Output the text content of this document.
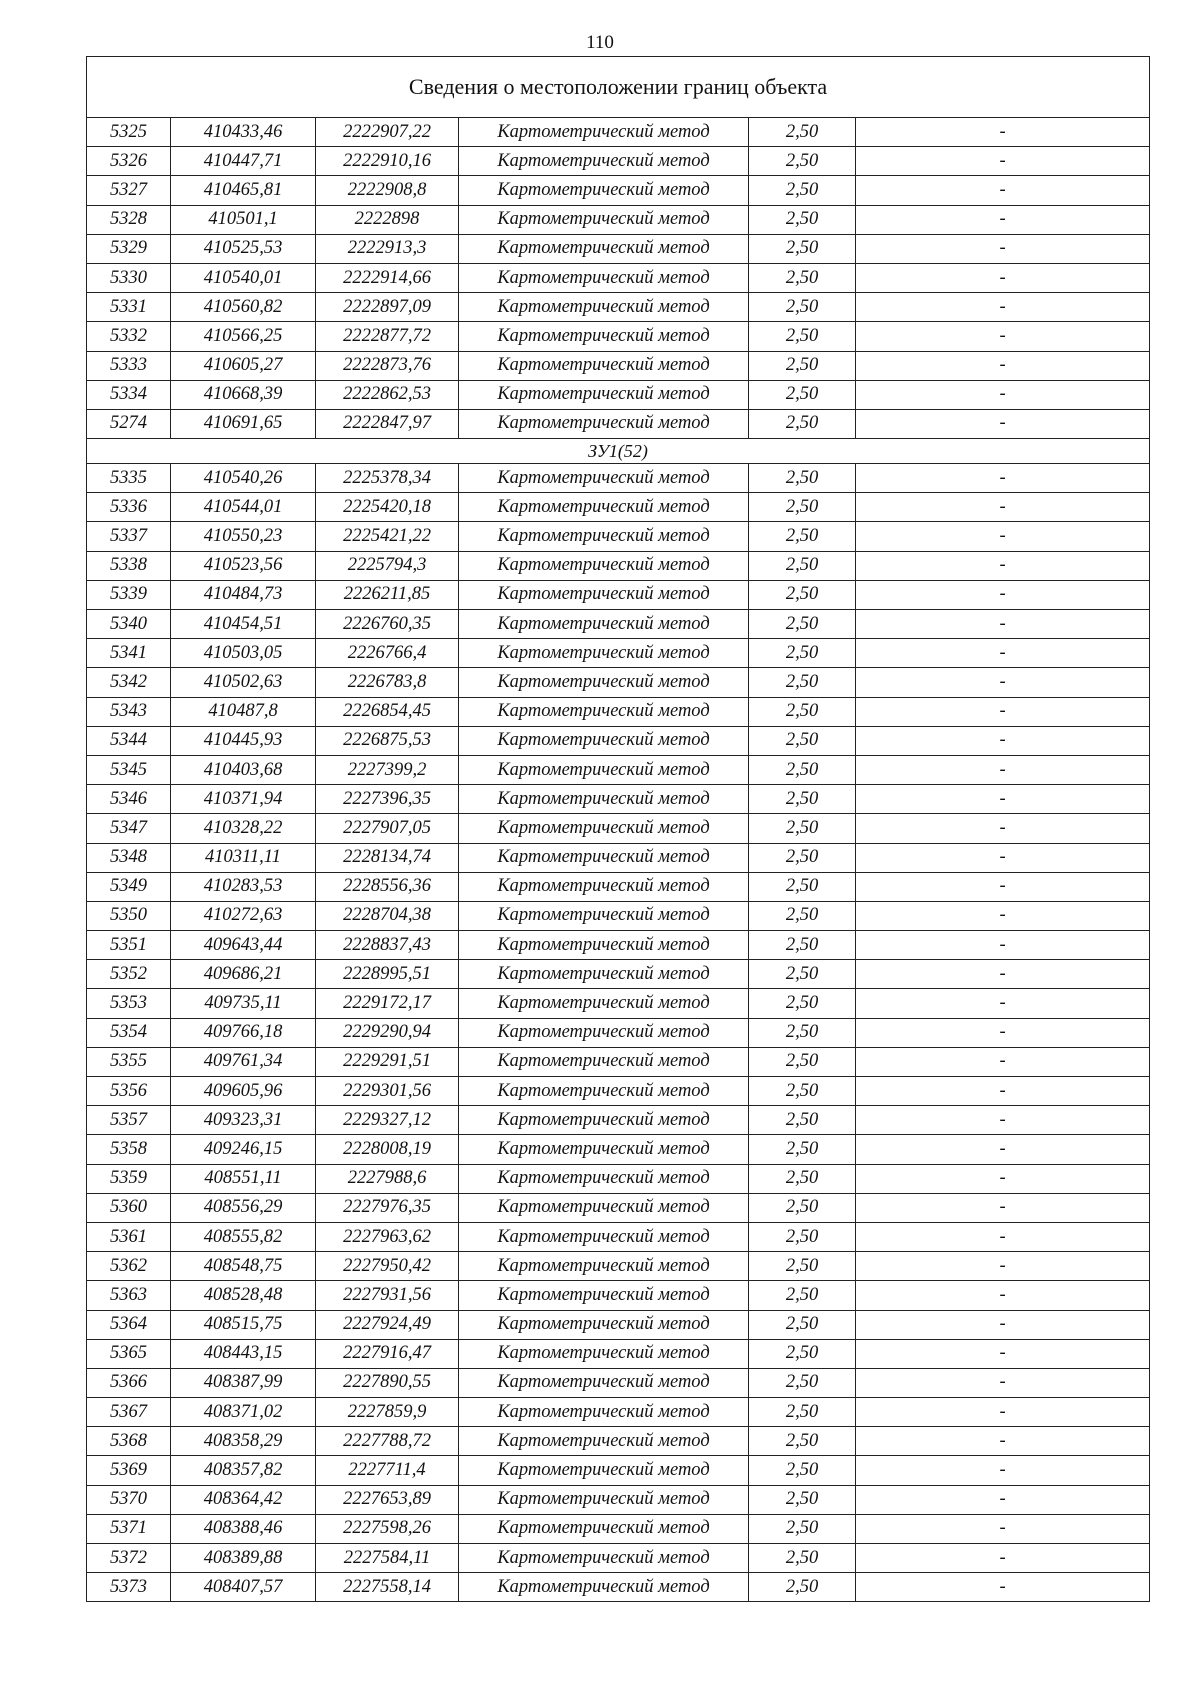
110
Сведения о местоположении границ объекта					
5325	410433,46	2222907,22	Картометрический метод	2,50	-
5326	410447,71	2222910,16	Картометрический метод	2,50	-
5327	410465,81	2222908,8	Картометрический метод	2,50	-
5328	410501,1	2222898	Картометрический метод	2,50	-
5329	410525,53	2222913,3	Картометрический метод	2,50	-
5330	410540,01	2222914,66	Картометрический метод	2,50	-
5331	410560,82	2222897,09	Картометрический метод	2,50	-
5332	410566,25	2222877,72	Картометрический метод	2,50	-
5333	410605,27	2222873,76	Картометрический метод	2,50	-
5334	410668,39	2222862,53	Картометрический метод	2,50	-
5274	410691,65	2222847,97	Картометрический метод	2,50	-
ЗУ1(52)					
5335	410540,26	2225378,34	Картометрический метод	2,50	-
5336	410544,01	2225420,18	Картометрический метод	2,50	-
5337	410550,23	2225421,22	Картометрический метод	2,50	-
5338	410523,56	2225794,3	Картометрический метод	2,50	-
5339	410484,73	2226211,85	Картометрический метод	2,50	-
5340	410454,51	2226760,35	Картометрический метод	2,50	-
5341	410503,05	2226766,4	Картометрический метод	2,50	-
5342	410502,63	2226783,8	Картометрический метод	2,50	-
5343	410487,8	2226854,45	Картометрический метод	2,50	-
5344	410445,93	2226875,53	Картометрический метод	2,50	-
5345	410403,68	2227399,2	Картометрический метод	2,50	-
5346	410371,94	2227396,35	Картометрический метод	2,50	-
5347	410328,22	2227907,05	Картометрический метод	2,50	-
5348	410311,11	2228134,74	Картометрический метод	2,50	-
5349	410283,53	2228556,36	Картометрический метод	2,50	-
5350	410272,63	2228704,38	Картометрический метод	2,50	-
5351	409643,44	2228837,43	Картометрический метод	2,50	-
5352	409686,21	2228995,51	Картометрический метод	2,50	-
5353	409735,11	2229172,17	Картометрический метод	2,50	-
5354	409766,18	2229290,94	Картометрический метод	2,50	-
5355	409761,34	2229291,51	Картометрический метод	2,50	-
5356	409605,96	2229301,56	Картометрический метод	2,50	-
5357	409323,31	2229327,12	Картометрический метод	2,50	-
5358	409246,15	2228008,19	Картометрический метод	2,50	-
5359	408551,11	2227988,6	Картометрический метод	2,50	-
5360	408556,29	2227976,35	Картометрический метод	2,50	-
5361	408555,82	2227963,62	Картометрический метод	2,50	-
5362	408548,75	2227950,42	Картометрический метод	2,50	-
5363	408528,48	2227931,56	Картометрический метод	2,50	-
5364	408515,75	2227924,49	Картометрический метод	2,50	-
5365	408443,15	2227916,47	Картометрический метод	2,50	-
5366	408387,99	2227890,55	Картометрический метод	2,50	-
5367	408371,02	2227859,9	Картометрический метод	2,50	-
5368	408358,29	2227788,72	Картометрический метод	2,50	-
5369	408357,82	2227711,4	Картометрический метод	2,50	-
5370	408364,42	2227653,89	Картометрический метод	2,50	-
5371	408388,46	2227598,26	Картометрический метод	2,50	-
5372	408389,88	2227584,11	Картометрический метод	2,50	-
5373	408407,57	2227558,14	Картометрический метод	2,50	-
